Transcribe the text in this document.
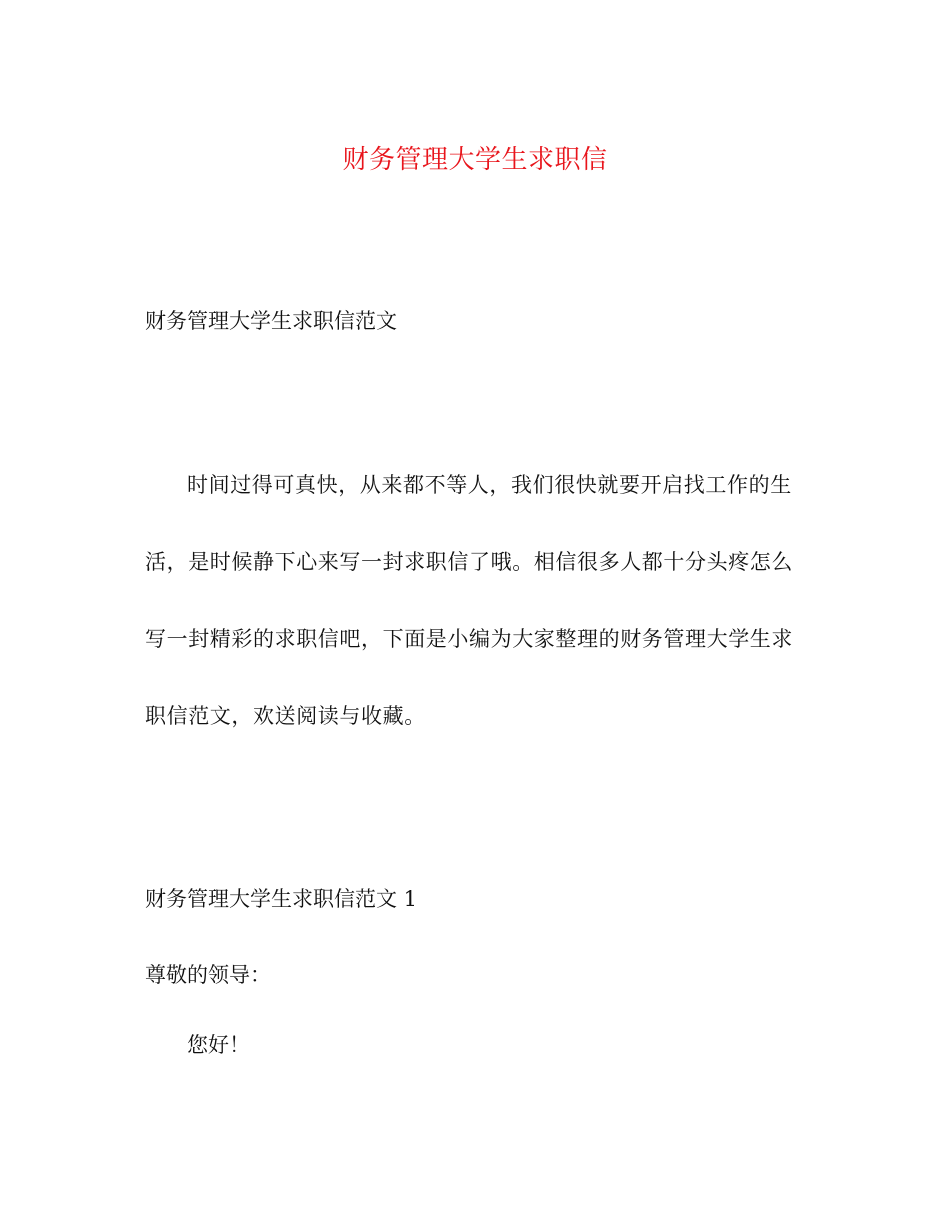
财务管理大学生求职信
财务管理大学生求职信范文

时间过得可真快，从来都不等人，我们很快就要开启找工作的生活，是时候静下心来写一封求职信了哦。相信很多人都十分头疼怎么写一封精彩的求职信吧，下面是小编为大家整理的财务管理大学生求职信范文，欢送阅读与收藏。

财务管理大学生求职信范文 1
尊敬的领导：
您好！
